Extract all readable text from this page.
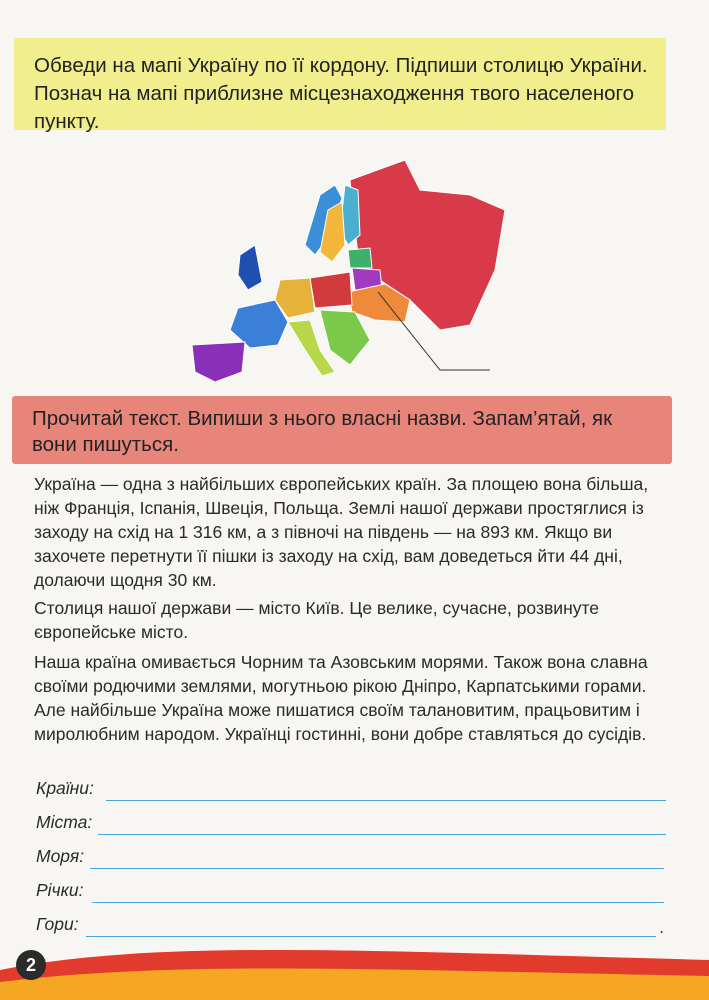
Обведи на мапі Україну по її кордону. Підпиши столицю України. Познач на мапі приблизне місцезнаходження твого населеного пункту.

Прочитай текст. Випиши з нього власні назви. Запам’ятай, як вони пишуться.

Україна — одна з найбільших європейських країн. За площею вона більша, ніж Франція, Іспанія, Швеція, Польща. Землі нашої держави простяглися із заходу на схід на 1 316 км, а з півночі на південь — на 893 км. Якщо ви захочете перетнути її пішки із заходу на схід, вам доведеться йти 44 дні, долаючи щодня 30 км.

Столиця нашої держави — місто Київ. Це велике, сучасне, розвинуте європейське місто.

Наша країна омивається Чорним та Азовським морями. Також вона славна своїми родючими землями, могутньою рікою Дніпро, Карпатськими горами. Але найбільше Україна може пишатися своїм талановитим, працьовитим і миролюбним народом. Українці гостинні, вони добре ставляться до сусідів.

Країни:
Міста:
Моря:
Річки:
Гори:	.
2
